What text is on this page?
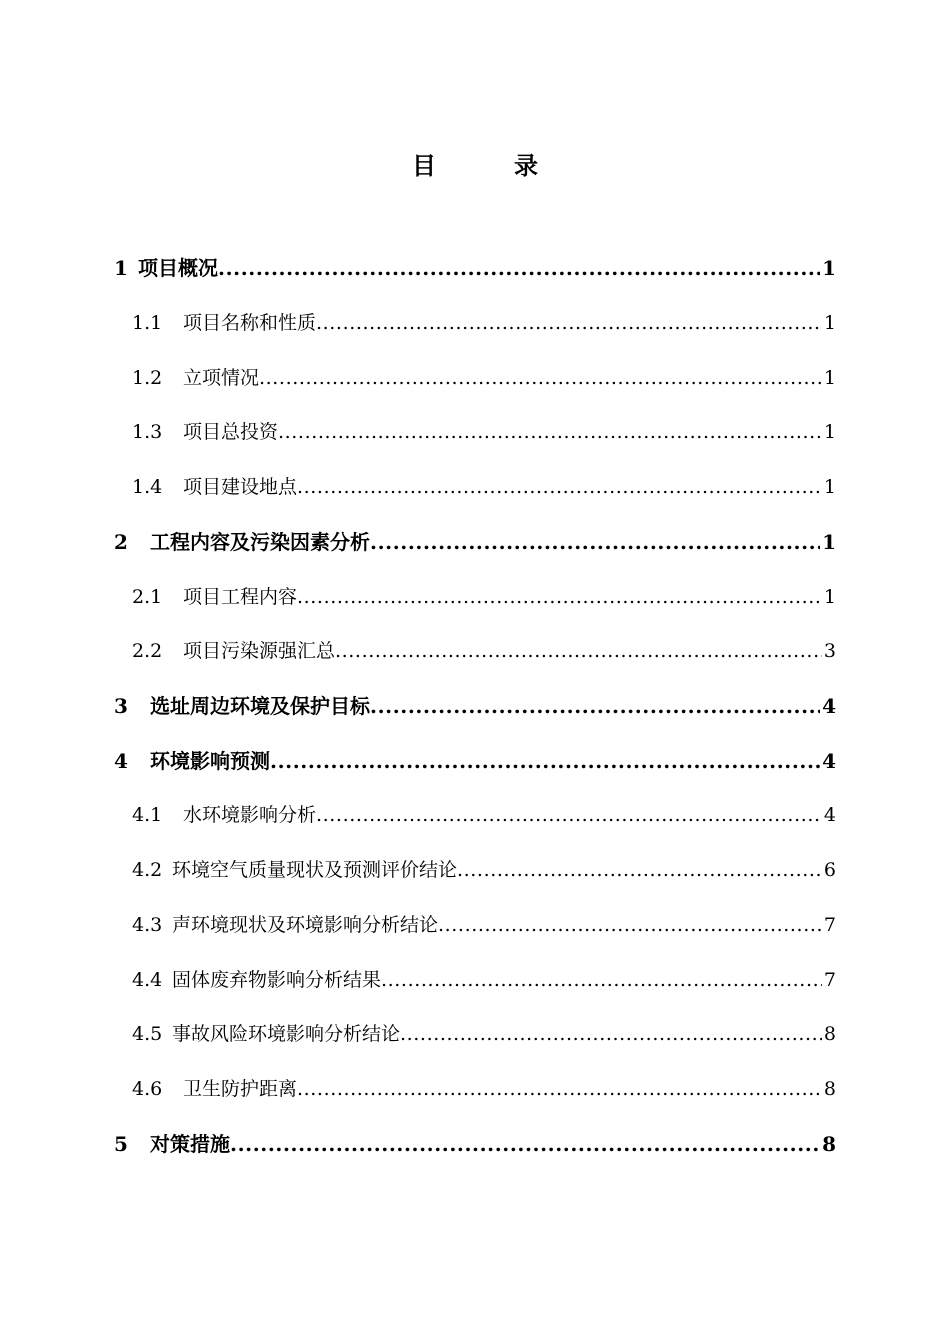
目	录
1 项目概况 .....	1
1.1	项目名称和性质 .....	1
1.2	立项情况 .....	1
1.3	项目总投资 .....	1
1.4	项目建设地点 .....	1
2	工程内容及污染因素分析 .....	1
2.1	项目工程内容 .....	1
2.2	项目污染源强汇总 .....	3
3	选址周边环境及保护目标 .....	4
4	环境影响预测 .....	4
4.1	水环境影响分析 .....	4
4.2 环境空气质量现状及预测评价结论 .....	6
4.3 声环境现状及环境影响分析结论 .....	7
4.4 固体废弃物影响分析结果 .....	7
4.5 事故风险环境影响分析结论 .....	8
4.6	卫生防护距离 .....	8
5	对策措施 .....	8
